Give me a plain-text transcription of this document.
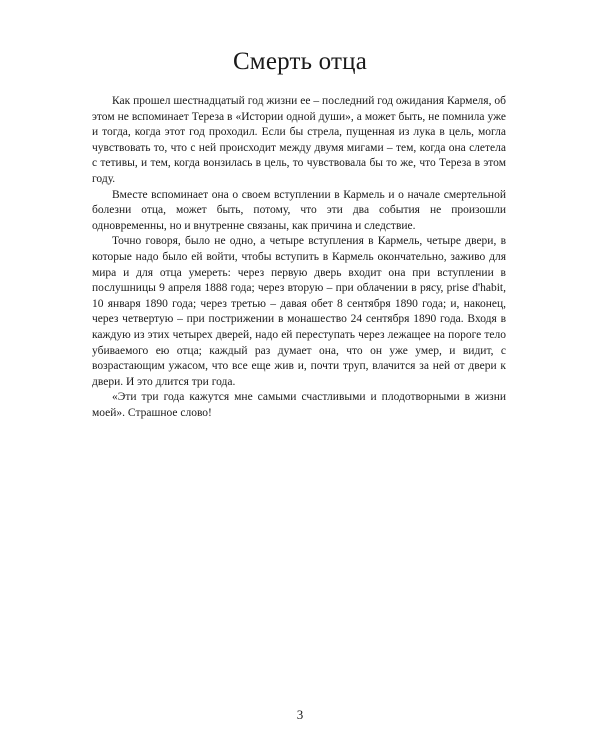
Смерть отца

Как прошел шестнадцатый год жизни ее – последний год ожидания Кармеля, об этом не вспоминает Тереза в «Истории одной души», а может быть, не помнила уже и тогда, когда этот год проходил. Если бы стрела, пущенная из лука в цель, могла чувствовать то, что с ней происходит между двумя мигами – тем, когда она слетела с тетивы, и тем, когда вонзилась в цель, то чувствовала бы то же, что Тереза в этом году.

Вместе вспоминает она о своем вступлении в Кармель и о начале смертельной болезни отца, может быть, потому, что эти два события не произошли одновременны, но и внутренне связаны, как причина и следствие.

Точно говоря, было не одно, а четыре вступления в Кармель, четыре двери, в которые надо было ей войти, чтобы вступить в Кармель окончательно, заживо для мира и для отца умереть: через первую дверь входит она при вступлении в послушницы 9 апреля 1888 года; через вторую – при облачении в рясу, prise d'habit, 10 января 1890 года; через третью – давая обет 8 сентября 1890 года; и, наконец, через четвертую – при пострижении в монашество 24 сентября 1890 года. Входя в каждую из этих четырех дверей, надо ей переступать через лежащее на пороге тело убиваемого ею отца; каждый раз думает она, что он уже умер, и видит, с возрастающим ужасом, что все еще жив и, почти труп, влачится за ней от двери к двери. И это длится три года.

«Эти три года кажутся мне самыми счастливыми и плодотворными в жизни моей». Страшное слово!

3
